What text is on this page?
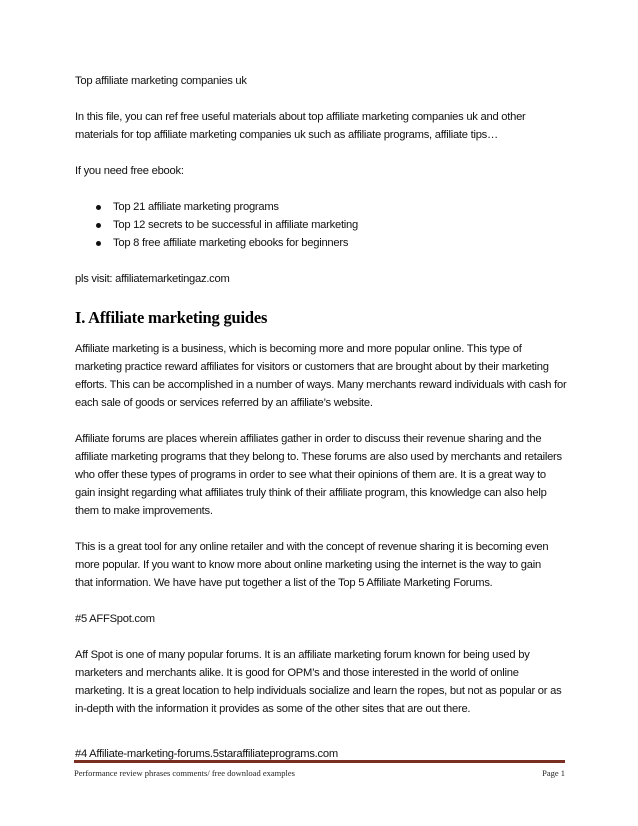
Top affiliate marketing companies uk

In this file, you can ref free useful materials about top affiliate marketing companies uk and other

materials for top affiliate marketing companies uk such as affiliate programs, affiliate tips…

If you need free ebook:

Top 21 affiliate marketing programs
Top 12 secrets to be successful in affiliate marketing
Top 8 free affiliate marketing ebooks for beginners

pls visit: affiliatemarketingaz.com

I. Affiliate marketing guides

Affiliate marketing is a business, which is becoming more and more popular online. This type of

marketing practice reward affiliates for visitors or customers that are brought about by their marketing

efforts. This can be accomplished in a number of ways. Many merchants reward individuals with cash for

each sale of goods or services referred by an affiliate’s website.

Affiliate forums are places wherein affiliates gather in order to discuss their revenue sharing and the

affiliate marketing programs that they belong to. These forums are also used by merchants and retailers

who offer these types of programs in order to see what their opinions of them are. It is a great way to

gain insight regarding what affiliates truly think of their affiliate program, this knowledge can also help

them to make improvements.

This is a great tool for any online retailer and with the concept of revenue sharing it is becoming even

more popular. If you want to know more about online marketing using the internet is the way to gain

that information. We have have put together a list of the Top 5 Affiliate Marketing Forums.

#5 AFFSpot.com

Aff Spot is one of many popular forums. It is an affiliate marketing forum known for being used by

marketers and merchants alike. It is good for OPM’s and those interested in the world of online

marketing. It is a great location to help individuals socialize and learn the ropes, but not as popular or as

in-depth with the information it provides as some of the other sites that are out there.

#4 Affiliate-marketing-forums.5staraffiliateprograms.com

Performance review phrases comments/ free download examples	Page 1
